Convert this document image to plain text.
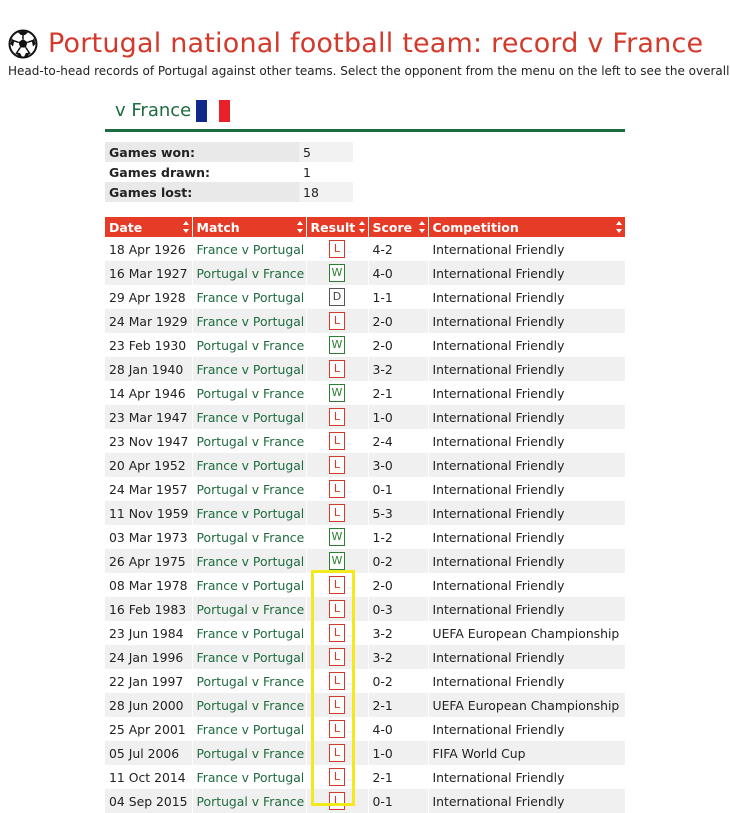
Portugal national football team: record v France
Head-to-head records of Portugal against other teams. Select the opponent from the menu on the left to see the overall
v France
Games won:	5
Games drawn:	1
Games lost:	18
Date	Match	Result	Score	Competition

18 Apr 1926	France v Portugal	L	4-2	International Friendly
16 Mar 1927	Portugal v France	W	4-0	International Friendly
29 Apr 1928	France v Portugal	D	1-1	International Friendly
24 Mar 1929	France v Portugal	L	2-0	International Friendly
23 Feb 1930	Portugal v France	W	2-0	International Friendly
28 Jan 1940	France v Portugal	L	3-2	International Friendly
14 Apr 1946	Portugal v France	W	2-1	International Friendly
23 Mar 1947	France v Portugal	L	1-0	International Friendly
23 Nov 1947	Portugal v France	L	2-4	International Friendly
20 Apr 1952	France v Portugal	L	3-0	International Friendly
24 Mar 1957	Portugal v France	L	0-1	International Friendly
11 Nov 1959	France v Portugal	L	5-3	International Friendly
03 Mar 1973	Portugal v France	W	1-2	International Friendly
26 Apr 1975	France v Portugal	W	0-2	International Friendly
08 Mar 1978	France v Portugal	L	2-0	International Friendly
16 Feb 1983	Portugal v France	L	0-3	International Friendly
23 Jun 1984	France v Portugal	L	3-2	UEFA European Championship
24 Jan 1996	France v Portugal	L	3-2	International Friendly
22 Jan 1997	Portugal v France	L	0-2	International Friendly
28 Jun 2000	Portugal v France	L	2-1	UEFA European Championship
25 Apr 2001	France v Portugal	L	4-0	International Friendly
05 Jul 2006	Portugal v France	L	1-0	FIFA World Cup
11 Oct 2014	France v Portugal	L	2-1	International Friendly
04 Sep 2015	Portugal v France	L	0-1	International Friendly
